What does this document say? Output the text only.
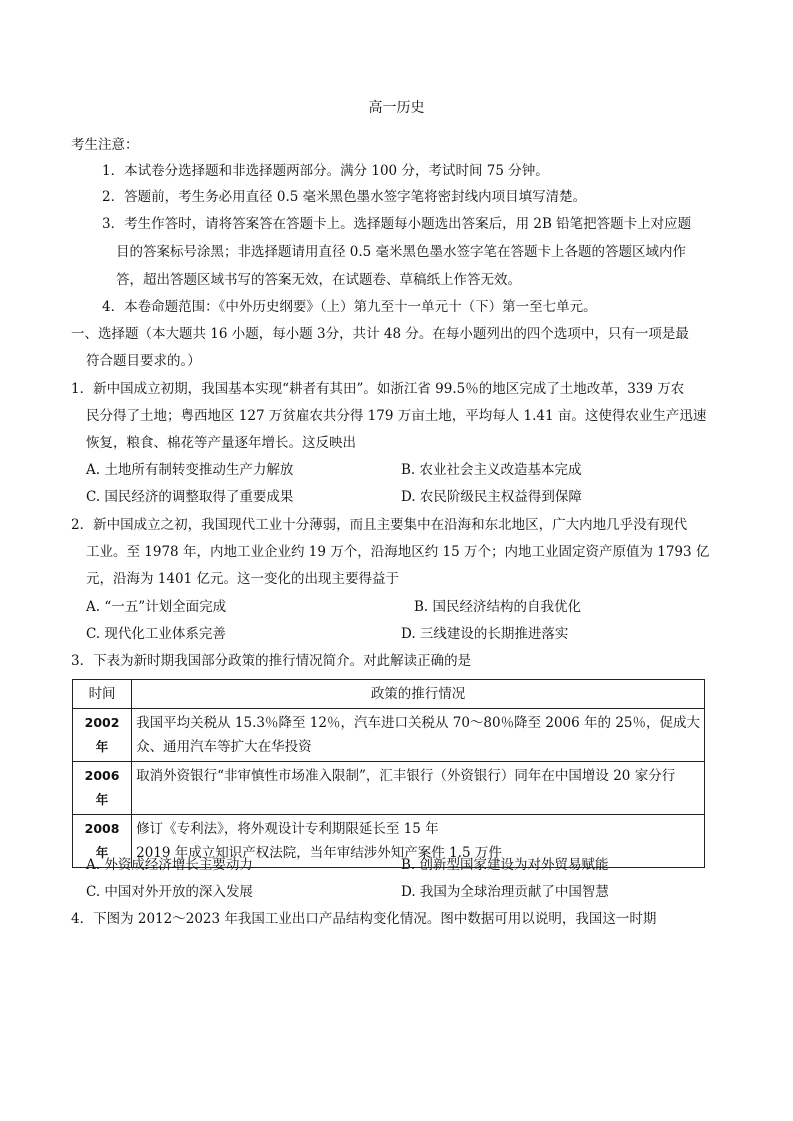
高一历史
考生注意：
1．本试卷分选择题和非选择题两部分。满分 100 分，考试时间 75 分钟。
2．答题前，考生务必用直径 0.5 毫米黑色墨水签字笔将密封线内项目填写清楚。
3．考生作答时，请将答案答在答题卡上。选择题每小题选出答案后，用 2B 铅笔把答题卡上对应题
目的答案标号涂黑；非选择题请用直径 0.5 毫米黑色墨水签字笔在答题卡上各题的答题区域内作
答，超出答题区域书写的答案无效，在试题卷、草稿纸上作答无效。
4．本卷命题范围：《中外历史纲要》（上）第九至十一单元十（下）第一至七单元。
一、选择题（本大题共 16 小题，每小题 3分，共计 48 分。在每小题列出的四个选项中，只有一项是最
符合题目要求的。）
1．新中国成立初期，我国基本实现“耕者有其田”。如浙江省 99.5％的地区完成了土地改革，339 万农
民分得了土地；粤西地区 127 万贫雇农共分得 179 万亩土地，平均每人 1.41 亩。这使得农业生产迅速
恢复，粮食、棉花等产量逐年增长。这反映出
A. 土地所有制转变推动生产力解放	B. 农业社会主义改造基本完成
C. 国民经济的调整取得了重要成果	D. 农民阶级民主权益得到保障
2．新中国成立之初，我国现代工业十分薄弱，而且主要集中在沿海和东北地区，广大内地几乎没有现代
工业。至 1978 年，内地工业企业约 19 万个，沿海地区约 15 万个；内地工业固定资产原值为 1793 亿
元，沿海为 1401 亿元。这一变化的出现主要得益于
A. “一五”计划全面完成	B. 国民经济结构的自我优化
C. 现代化工业体系完善	D. 三线建设的长期推进落实
3．下表为新时期我国部分政策的推行情况简介。对此解读正确的是
时间	政策的推行情况
2002 年	我国平均关税从 15.3％降至 12％，汽车进口关税从 70～80％降至 2006 年的 25％，促成大
众、通用汽车等扩大在华投资

2006 年	取消外资银行“非审慎性市场准入限制”，汇丰银行（外资银行）同年在中国增设 20 家分行

2008 年	修订《专利法》，将外观设计专利期限延长至 15 年
2019 年成立知识产权法院，当年审结涉外知产案件 1.5 万件
A. 外资成经济增长主要动力	B. 创新型国家建设为对外贸易赋能
C. 中国对外开放的深入发展	D. 我国为全球治理贡献了中国智慧
4．下图为 2012～2023 年我国工业出口产品结构变化情况。图中数据可用以说明，我国这一时期
